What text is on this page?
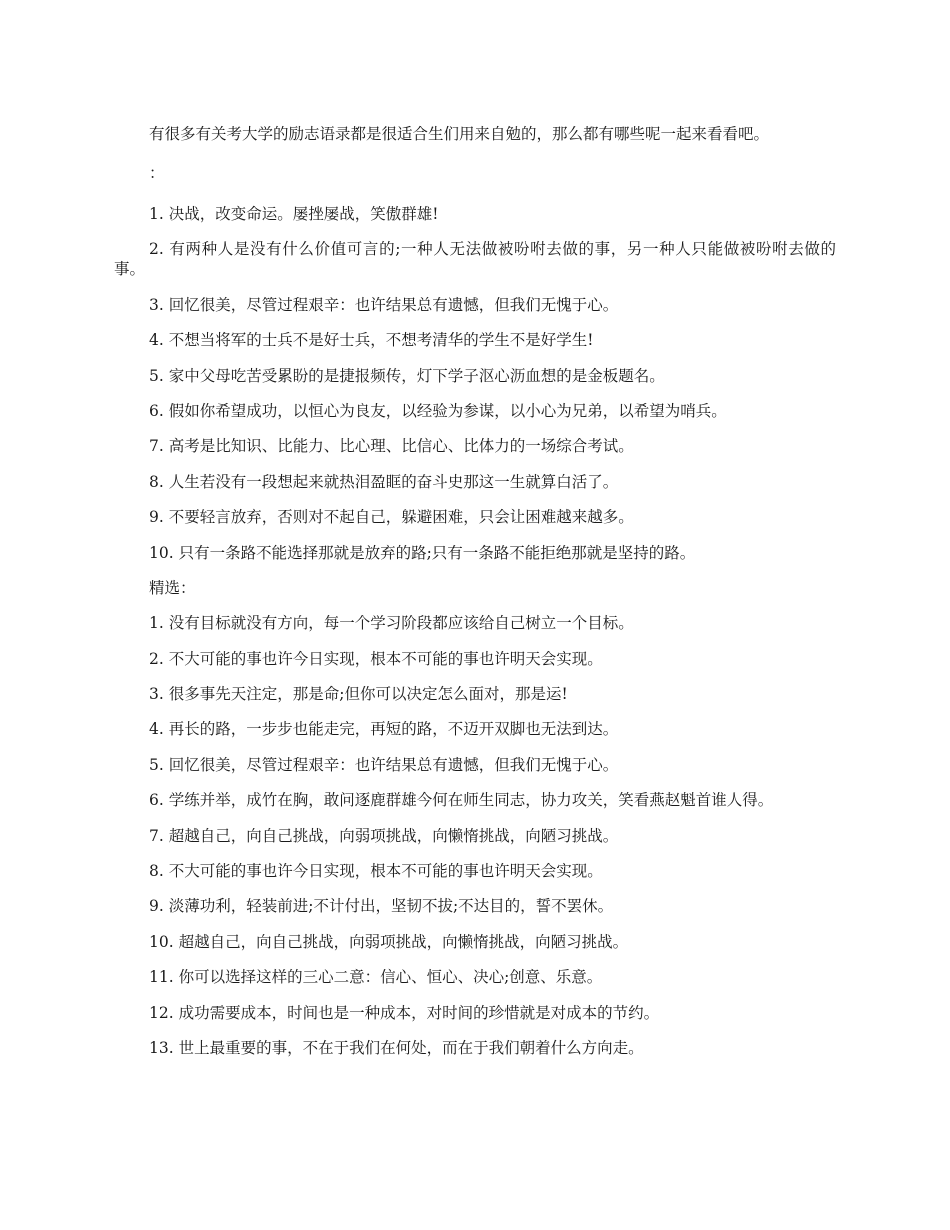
有很多有关考大学的励志语录都是很适合生们用来自勉的，那么都有哪些呢一起来看看吧。

：

1. 决战，改变命运。屡挫屡战，笑傲群雄!

2. 有两种人是没有什么价值可言的;一种人无法做被吩咐去做的事，另一种人只能做被吩咐去做的事。

3. 回忆很美，尽管过程艰辛：也许结果总有遗憾，但我们无愧于心。

4. 不想当将军的士兵不是好士兵，不想考清华的学生不是好学生!

5. 家中父母吃苦受累盼的是捷报频传，灯下学子沤心沥血想的是金板题名。

6. 假如你希望成功，以恒心为良友，以经验为参谋，以小心为兄弟，以希望为哨兵。

7. 高考是比知识、比能力、比心理、比信心、比体力的一场综合考试。

8. 人生若没有一段想起来就热泪盈眶的奋斗史那这一生就算白活了。

9. 不要轻言放弃，否则对不起自己，躲避困难，只会让困难越来越多。

10. 只有一条路不能选择那就是放弃的路;只有一条路不能拒绝那就是坚持的路。

精选：

1. 没有目标就没有方向，每一个学习阶段都应该给自己树立一个目标。

2. 不大可能的事也许今日实现，根本不可能的事也许明天会实现。

3. 很多事先天注定，那是命;但你可以决定怎么面对，那是运!

4. 再长的路，一步步也能走完，再短的路，不迈开双脚也无法到达。

5. 回忆很美，尽管过程艰辛：也许结果总有遗憾，但我们无愧于心。

6. 学练并举，成竹在胸，敢问逐鹿群雄今何在师生同志，协力攻关，笑看燕赵魁首谁人得。

7. 超越自己，向自己挑战，向弱项挑战，向懒惰挑战，向陋习挑战。

8. 不大可能的事也许今日实现，根本不可能的事也许明天会实现。

9. 淡薄功利，轻装前进;不计付出，坚韧不拔;不达目的，誓不罢休。

10. 超越自己，向自己挑战，向弱项挑战，向懒惰挑战，向陋习挑战。

11. 你可以选择这样的三心二意：信心、恒心、决心;创意、乐意。

12. 成功需要成本，时间也是一种成本，对时间的珍惜就是对成本的节约。

13. 世上最重要的事，不在于我们在何处，而在于我们朝着什么方向走。
